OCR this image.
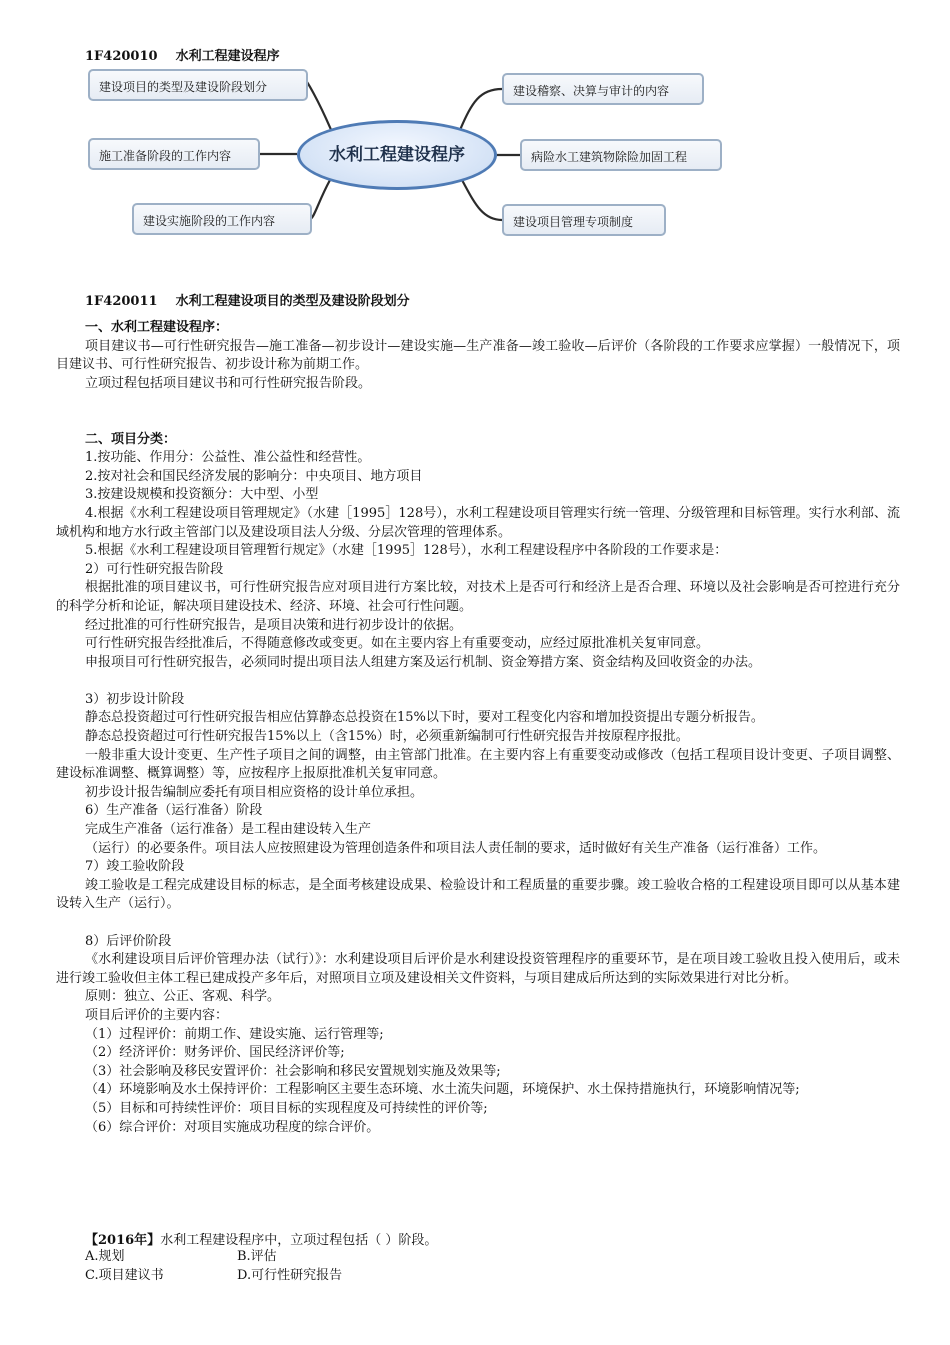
1F420010 水利工程建设程序
建设项目的类型及建设阶段划分
施工准备阶段的工作内容
建设实施阶段的工作内容
水利工程建设程序
建设稽察、决算与审计的内容
病险水工建筑物除险加固工程
建设项目管理专项制度
1F420011 水利工程建设项目的类型及建设阶段划分

一、水利工程建设程序：

项目建议书—可行性研究报告—施工准备—初步设计—建设实施—生产准备—竣工验收—后评价（各阶段的工作要求应掌握）一般情况下，项目建议书、可行性研究报告、初步设计称为前期工作。

立项过程包括项目建议书和可行性研究报告阶段。

二、项目分类：

1.按功能、作用分：公益性、准公益性和经营性。

2.按对社会和国民经济发展的影响分：中央项目、地方项目

3.按建设规模和投资额分：大中型、小型

4.根据《水利工程建设项目管理规定》（水建［1995］128号），水利工程建设项目管理实行统一管理、分级管理和目标管理。实行水利部、流域机构和地方水行政主管部门以及建设项目法人分级、分层次管理的管理体系。

5.根据《水利工程建设项目管理暂行规定》（水建［1995］128号），水利工程建设程序中各阶段的工作要求是：

2）可行性研究报告阶段

根据批准的项目建议书，可行性研究报告应对项目进行方案比较，对技术上是否可行和经济上是否合理、环境以及社会影响是否可控进行充分的科学分析和论证，解决项目建设技术、经济、环境、社会可行性问题。

经过批准的可行性研究报告，是项目决策和进行初步设计的依据。

可行性研究报告经批准后，不得随意修改或变更。如在主要内容上有重要变动，应经过原批准机关复审同意。

申报项目可行性研究报告，必须同时提出项目法人组建方案及运行机制、资金筹措方案、资金结构及回收资金的办法。

3）初步设计阶段

静态总投资超过可行性研究报告相应估算静态总投资在15%以下时，要对工程变化内容和增加投资提出专题分析报告。

静态总投资超过可行性研究报告15%以上（含15%）时，必须重新编制可行性研究报告并按原程序报批。

一般非重大设计变更、生产性子项目之间的调整，由主管部门批准。在主要内容上有重要变动或修改（包括工程项目设计变更、子项目调整、建设标准调整、概算调整）等，应按程序上报原批准机关复审同意。

初步设计报告编制应委托有项目相应资格的设计单位承担。

6）生产准备（运行准备）阶段

完成生产准备（运行准备）是工程由建设转入生产

（运行）的必要条件。项目法人应按照建设为管理创造条件和项目法人责任制的要求，适时做好有关生产准备（运行准备）工作。

7）竣工验收阶段

竣工验收是工程完成建设目标的标志，是全面考核建设成果、检验设计和工程质量的重要步骤。竣工验收合格的工程建设项目即可以从基本建设转入生产（运行）。

8）后评价阶段

《水利建设项目后评价管理办法（试行）》：水利建设项目后评价是水利建设投资管理程序的重要环节，是在项目竣工验收且投入使用后，或未进行竣工验收但主体工程已建成投产多年后，对照项目立项及建设相关文件资料，与项目建成后所达到的实际效果进行对比分析。

原则：独立、公正、客观、科学。

项目后评价的主要内容：

（1）过程评价：前期工作、建设实施、运行管理等;

（2）经济评价：财务评价、国民经济评价等;

（3）社会影响及移民安置评价：社会影响和移民安置规划实施及效果等;

（4）环境影响及水土保持评价：工程影响区主要生态环境、水土流失问题，环境保护、水土保持措施执行，环境影响情况等;

（5）目标和可持续性评价：项目目标的实现程度及可持续性的评价等;

（6）综合评价：对项目实施成功程度的综合评价。

【2016年】水利工程建设程序中，立项过程包括（ ）阶段。
A.规划	B.评估
C.项目建议书	D.可行性研究报告
